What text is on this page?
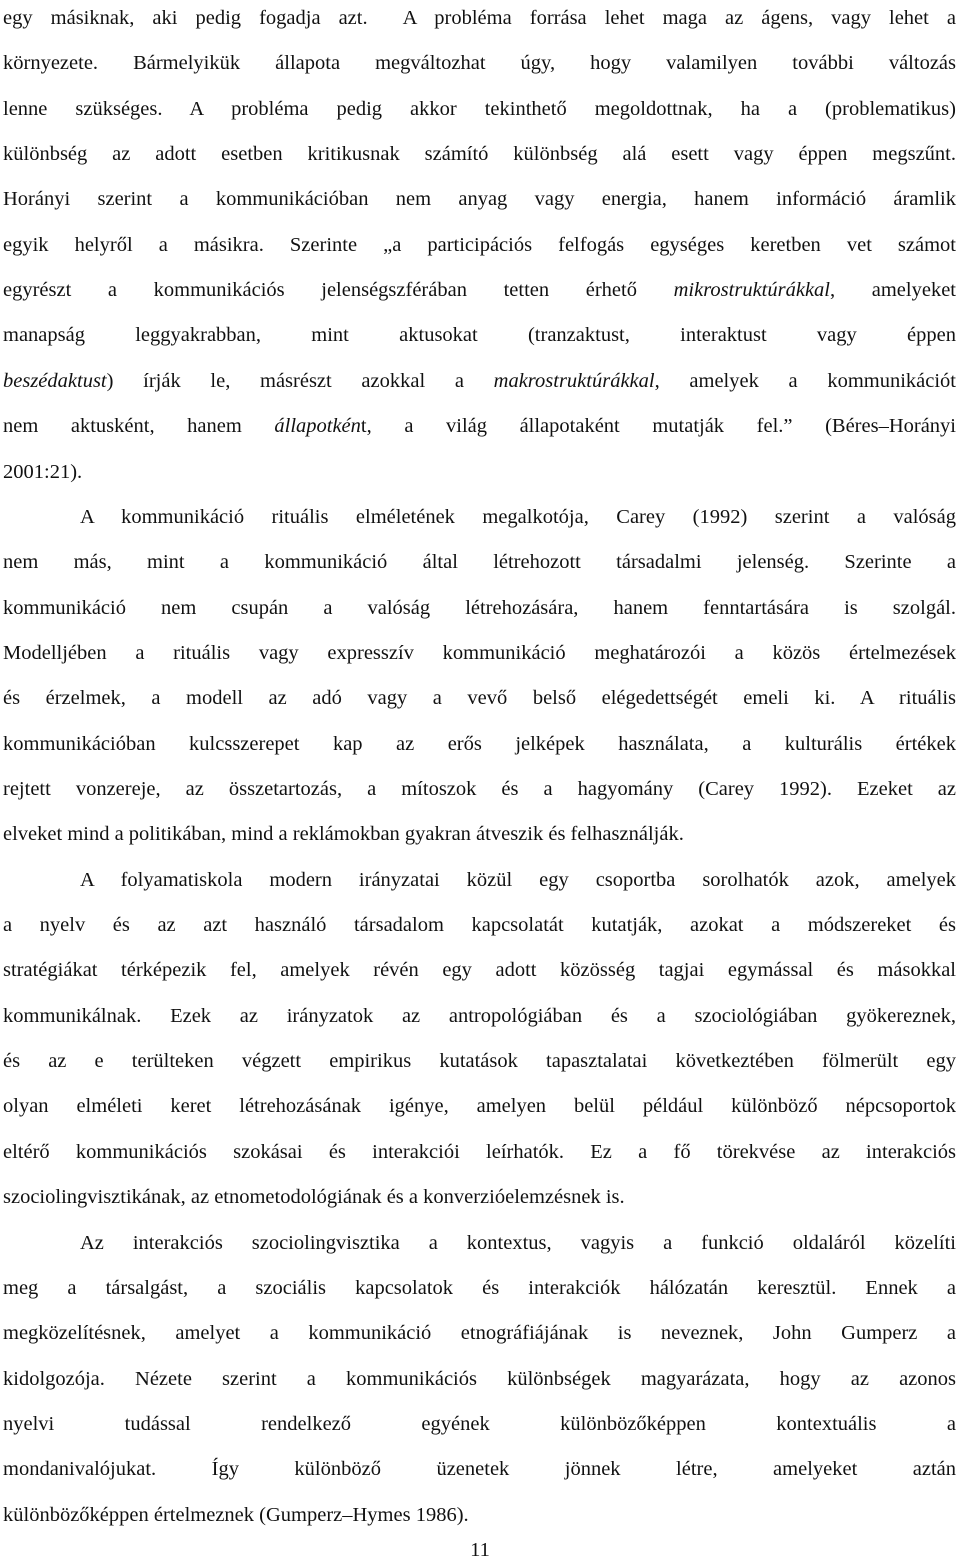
egy másiknak, aki pedig fogadja azt.  A probléma forrása lehet maga az ágens, vagy lehet a
környezete. Bármelyikük állapota megváltozhat úgy, hogy valamilyen további változás
lenne szükséges. A probléma pedig akkor tekinthető megoldottnak, ha a (problematikus)
különbség az adott esetben kritikusnak számító különbség alá esett vagy éppen megszűnt.
Horányi szerint a kommunikációban nem anyag vagy energia, hanem információ áramlik
egyik helyről a másikra. Szerinte „a participációs felfogás egységes keretben vet számot
egyrészt a kommunikációs jelenségszférában tetten érhető mikrostruktúrákkal, amelyeket
manapság leggyakrabban, mint aktusokat (tranzaktust, interaktust vagy éppen
beszédaktust) írják le, másrészt azokkal a makrostruktúrákkal, amelyek a kommunikációt
nem aktusként, hanem állapotként, a világ állapotaként mutatják fel.” (Béres–Horányi
2001:21).
A kommunikáció rituális elméletének megalkotója, Carey (1992) szerint a valóság
nem más, mint a kommunikáció által létrehozott társadalmi jelenség. Szerinte a
kommunikáció nem csupán a valóság létrehozására, hanem fenntartására is szolgál.
Modelljében a rituális vagy expresszív kommunikáció meghatározói a közös értelmezések
és érzelmek, a modell az adó vagy a vevő belső elégedettségét emeli ki. A rituális
kommunikációban kulcsszerepet kap az erős jelképek használata, a kulturális értékek
rejtett vonzereje, az összetartozás, a mítoszok és a hagyomány (Carey 1992). Ezeket az
elveket mind a politikában, mind a reklámokban gyakran átveszik és felhasználják.
A folyamatiskola modern irányzatai közül egy csoportba sorolhatók azok, amelyek
a nyelv és az azt használó társadalom kapcsolatát kutatják, azokat a módszereket és
stratégiákat térképezik fel, amelyek révén egy adott közösség tagjai egymással és másokkal
kommunikálnak. Ezek az irányzatok az antropológiában és a szociológiában gyökereznek,
és az e terülteken végzett empirikus kutatások tapasztalatai következtében fölmerült egy
olyan elméleti keret létrehozásának igénye, amelyen belül például különböző népcsoportok
eltérő kommunikációs szokásai és interakciói leírhatók. Ez a fő törekvése az interakciós
szociolingvisztikának, az etnometodológiának és a konverzióelemzésnek is.
Az interakciós szociolingvisztika a kontextus, vagyis a funkció oldaláról közelíti
meg a társalgást, a szociális kapcsolatok és interakciók hálózatán keresztül. Ennek a
megközelítésnek, amelyet a kommunikáció etnográfiájának is neveznek, John Gumperz a
kidolgozója. Nézete szerint a kommunikációs különbségek magyarázata, hogy az azonos
nyelvi tudással rendelkező egyének különbözőképpen kontextuális a
mondanivalójukat. Így különböző üzenetek jönnek létre, amelyeket aztán
különbözőképpen értelmeznek (Gumperz–Hymes 1986).
11
